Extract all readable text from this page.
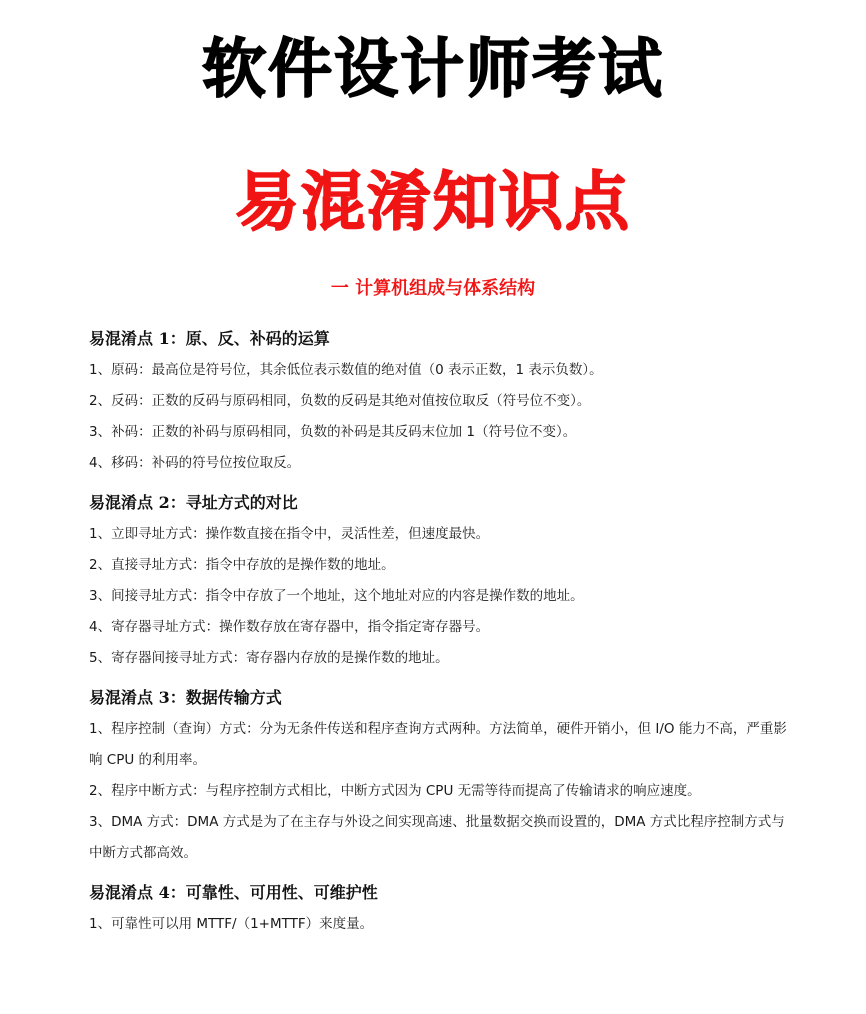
软件设计师考试
易混淆知识点
一 计算机组成与体系结构

易混淆点 1：原、反、补码的运算

1、原码：最高位是符号位，其余低位表示数值的绝对值（0 表示正数，1 表示负数）。

2、反码：正数的反码与原码相同，负数的反码是其绝对值按位取反（符号位不变）。

3、补码：正数的补码与原码相同，负数的补码是其反码末位加 1（符号位不变）。

4、移码：补码的符号位按位取反。

易混淆点 2：寻址方式的对比

1、立即寻址方式：操作数直接在指令中，灵活性差，但速度最快。

2、直接寻址方式：指令中存放的是操作数的地址。

3、间接寻址方式：指令中存放了一个地址，这个地址对应的内容是操作数的地址。

4、寄存器寻址方式：操作数存放在寄存器中，指令指定寄存器号。

5、寄存器间接寻址方式：寄存器内存放的是操作数的地址。

易混淆点 3：数据传输方式

1、程序控制（查询）方式：分为无条件传送和程序查询方式两种。方法简单，硬件开销小，但 I/O 能力不高，严重影响 CPU 的利用率。

2、程序中断方式：与程序控制方式相比，中断方式因为 CPU 无需等待而提高了传输请求的响应速度。

3、DMA 方式：DMA 方式是为了在主存与外设之间实现高速、批量数据交换而设置的，DMA 方式比程序控制方式与中断方式都高效。

易混淆点 4：可靠性、可用性、可维护性

1、可靠性可以用 MTTF/（1+MTTF）来度量。
